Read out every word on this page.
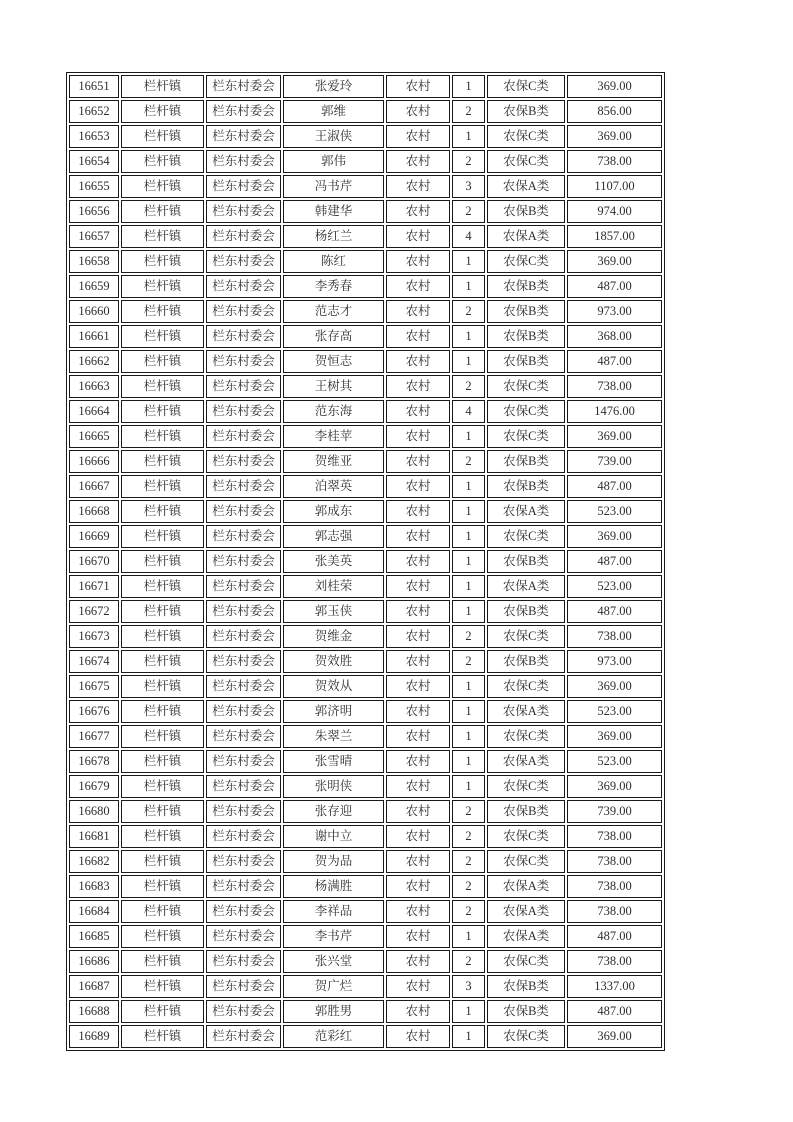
16651	栏杆镇	栏东村委会	张爱玲	农村	1	农保C类	369.00
16652	栏杆镇	栏东村委会	郭维	农村	2	农保B类	856.00
16653	栏杆镇	栏东村委会	王淑侠	农村	1	农保C类	369.00
16654	栏杆镇	栏东村委会	郭伟	农村	2	农保C类	738.00
16655	栏杆镇	栏东村委会	冯书芹	农村	3	农保A类	1107.00
16656	栏杆镇	栏东村委会	韩建华	农村	2	农保B类	974.00
16657	栏杆镇	栏东村委会	杨红兰	农村	4	农保A类	1857.00
16658	栏杆镇	栏东村委会	陈红	农村	1	农保C类	369.00
16659	栏杆镇	栏东村委会	李秀春	农村	1	农保B类	487.00
16660	栏杆镇	栏东村委会	范志才	农村	2	农保B类	973.00
16661	栏杆镇	栏东村委会	张存高	农村	1	农保B类	368.00
16662	栏杆镇	栏东村委会	贺恒志	农村	1	农保B类	487.00
16663	栏杆镇	栏东村委会	王树其	农村	2	农保C类	738.00
16664	栏杆镇	栏东村委会	范东海	农村	4	农保C类	1476.00
16665	栏杆镇	栏东村委会	李桂苹	农村	1	农保C类	369.00
16666	栏杆镇	栏东村委会	贺维亚	农村	2	农保B类	739.00
16667	栏杆镇	栏东村委会	泊翠英	农村	1	农保B类	487.00
16668	栏杆镇	栏东村委会	郭成东	农村	1	农保A类	523.00
16669	栏杆镇	栏东村委会	郭志强	农村	1	农保C类	369.00
16670	栏杆镇	栏东村委会	张美英	农村	1	农保B类	487.00
16671	栏杆镇	栏东村委会	刘桂荣	农村	1	农保A类	523.00
16672	栏杆镇	栏东村委会	郭玉侠	农村	1	农保B类	487.00
16673	栏杆镇	栏东村委会	贺维金	农村	2	农保C类	738.00
16674	栏杆镇	栏东村委会	贺效胜	农村	2	农保B类	973.00
16675	栏杆镇	栏东村委会	贺效从	农村	1	农保C类	369.00
16676	栏杆镇	栏东村委会	郭济明	农村	1	农保A类	523.00
16677	栏杆镇	栏东村委会	朱翠兰	农村	1	农保C类	369.00
16678	栏杆镇	栏东村委会	张雪晴	农村	1	农保A类	523.00
16679	栏杆镇	栏东村委会	张明侠	农村	1	农保C类	369.00
16680	栏杆镇	栏东村委会	张存迎	农村	2	农保B类	739.00
16681	栏杆镇	栏东村委会	谢中立	农村	2	农保C类	738.00
16682	栏杆镇	栏东村委会	贺为品	农村	2	农保C类	738.00
16683	栏杆镇	栏东村委会	杨满胜	农村	2	农保A类	738.00
16684	栏杆镇	栏东村委会	李祥品	农村	2	农保A类	738.00
16685	栏杆镇	栏东村委会	李书芹	农村	1	农保A类	487.00
16686	栏杆镇	栏东村委会	张兴堂	农村	2	农保C类	738.00
16687	栏杆镇	栏东村委会	贺广烂	农村	3	农保B类	1337.00
16688	栏杆镇	栏东村委会	郭胜男	农村	1	农保B类	487.00
16689	栏杆镇	栏东村委会	范彩红	农村	1	农保C类	369.00
